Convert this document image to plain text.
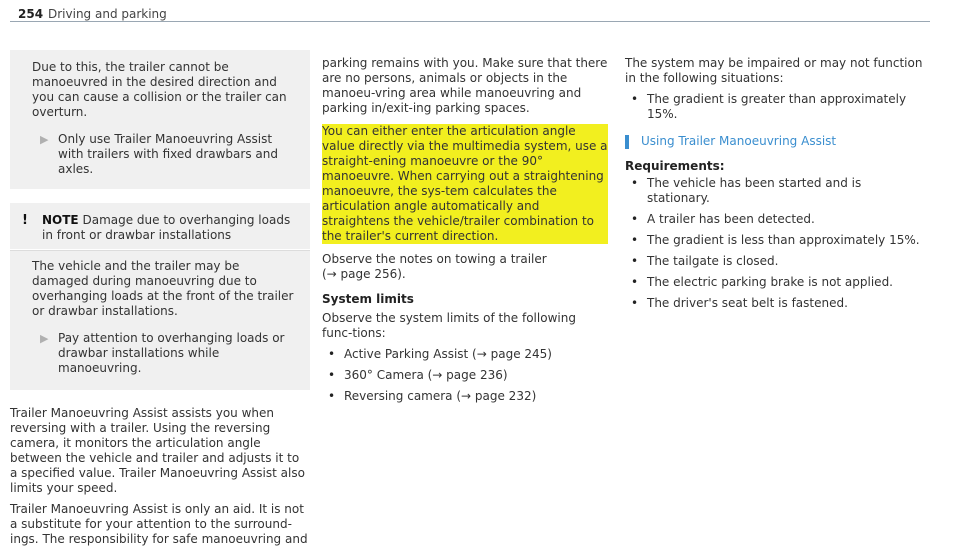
254 Driving and parking

Due to this, the trailer cannot be manoeuvred in the desired direction and you can cause a collision or the trailer can overturn.

▶ Only use Trailer Manoeuvring Assist with trailers with fixed drawbars and axles.
!	NOTE Damage due to overhanging loads in front or drawbar installations

The vehicle and the trailer may be damaged during manoeuvring due to overhanging loads at the front of the trailer or drawbar installations.

▶ Pay attention to overhanging loads or drawbar installations while manoeuvring.

Trailer Manoeuvring Assist assists you when reversing with a trailer. Using the reversing camera, it monitors the articulation angle between the vehicle and trailer and adjusts it to a specified value. Trailer Manoeuvring Assist also limits your speed.

Trailer Manoeuvring Assist is only an aid. It is not a substitute for your attention to the surround-ings. The responsibility for safe manoeuvring and

parking remains with you. Make sure that there are no persons, animals or objects in the manoeu-vring area while manoeuvring and parking in/exit-ing parking spaces.

You can either enter the articulation angle value directly via the multimedia system, use a straight-ening manoeuvre or the 90° manoeuvre. When carrying out a straightening manoeuvre, the sys-tem calculates the articulation angle automatically and straightens the vehicle/trailer combination to the trailer's current direction.

Observe the notes on towing a trailer

(→ page 256).

System limits

Observe the system limits of the following func-tions:

• Active Parking Assist (→ page 245)
• 360° Camera (→ page 236)
• Reversing camera (→ page 232)

The system may be impaired or may not function in the following situations:

• The gradient is greater than approximately 15%.
Using Trailer Manoeuvring Assist

Requirements:

• The vehicle has been started and is stationary.
• A trailer has been detected.
• The gradient is less than approximately 15%.
• The tailgate is closed.
• The electric parking brake is not applied.
• The driver's seat belt is fastened.
